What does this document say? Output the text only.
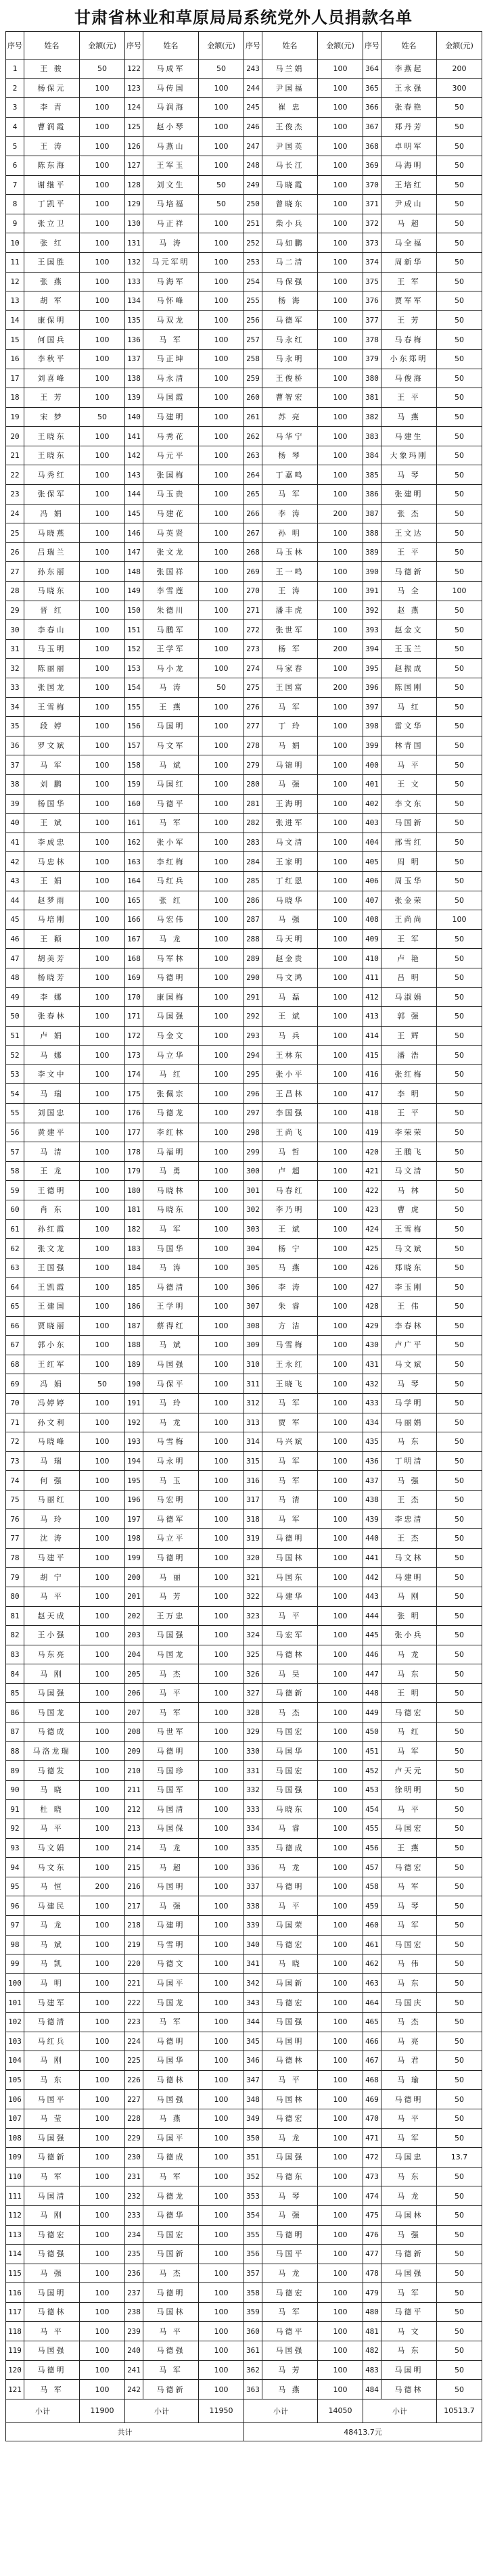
甘肃省林业和草原局局系统党外人员捐款名单
序号	姓名	金额(元)	序号	姓名	金额(元)	序号	姓名	金额(元)	序号	姓名	金额(元)
1	王 骏	50	122	马成军	50	243	马兰娟	100	364	李燕起	200
2	杨保元	100	123	马传国	100	244	尹国福	100	365	王永强	300
3	李 青	100	124	马润海	100	245	崔 忠	100	366	张春艳	50
4	曹润霞	100	125	赵小琴	100	246	王俊杰	100	367	郑丹芳	50
5	王 涛	100	126	马燕山	100	247	尹国英	100	368	卓明军	50
6	陈东海	100	127	王军玉	100	248	马长江	100	369	马海明	50
7	谢继平	100	128	刘文生	50	249	马晓霞	100	370	王培红	50
8	丁凯平	100	129	马培福	50	250	曾晓东	100	371	尹成山	50
9	张立卫	100	130	马正祥	100	251	柴小兵	100	372	马 超	50
10	张 红	100	131	马 涛	100	252	马如鹏	100	373	马全福	50
11	王国胜	100	132	马元军明	100	253	马二清	100	374	周新华	50
12	张 燕	100	133	马海军	100	254	马保强	100	375	王 军	50
13	胡 军	100	134	马怀峰	100	255	杨 海	100	376	贾军军	50
14	康保明	100	135	马双龙	100	256	马德军	100	377	王 芳	50
15	何国兵	100	136	马 军	100	257	马永红	100	378	马春梅	50
16	李秋平	100	137	马正坤	100	258	马永明	100	379	小东郑明	50
17	刘喜峰	100	138	马永清	100	259	王俊桥	100	380	马俊海	50
18	王 芳	100	139	马国霞	100	260	曹智宏	100	381	王 平	50
19	宋 梦	50	140	马建明	100	261	苏 亮	100	382	马 燕	50
20	王晓东	100	141	马秀花	100	262	马华宁	100	383	马建生	50
21	王晓东	100	142	马元平	100	263	杨 琴	100	384	大象玛刚	50
22	马秀红	100	143	张国梅	100	264	丁嘉鸣	100	385	马 琴	50
23	张保军	100	144	马玉贵	100	265	马 军	100	386	张建明	50
24	冯 娟	100	145	马建花	100	266	李 涛	200	387	张 杰	50
25	马晓燕	100	146	马英贤	100	267	孙 明	100	388	王文达	50
26	吕瑞兰	100	147	张文龙	100	268	马玉林	100	389	王 平	50
27	孙东丽	100	148	张国祥	100	269	王一鸣	100	390	马德新	50
28	马晓东	100	149	李雪莲	100	270	王 涛	100	391	马 全	100
29	晋 红	100	150	朱德川	100	271	潘丰虎	100	392	赵 燕	50
30	李春山	100	151	马鹏军	100	272	张世军	100	393	赵金文	50
31	马玉明	100	152	王学军	100	273	杨 军	200	394	王玉兰	50
32	陈丽丽	100	153	马小龙	100	274	马家春	100	395	赵振成	50
33	张国龙	100	154	马 涛	50	275	王国富	200	396	陈国刚	50
34	王雪梅	100	155	王 燕	100	276	马 军	100	397	马 红	50
35	段 婷	100	156	马国明	100	277	丁 玲	100	398	雷文华	50
36	罗文斌	100	157	马文军	100	278	马 娟	100	399	林青国	50
37	马 军	100	158	马 斌	100	279	马锦明	100	400	马 平	50
38	刘 鹏	100	159	马国红	100	280	马 强	100	401	王 文	50
39	杨国华	100	160	马德平	100	281	王海明	100	402	李文东	50
40	王 斌	100	161	马 军	100	282	张进军	100	403	马国新	50
41	李成忠	100	162	张小军	100	283	马文清	100	404	邢雪红	50
42	马忠林	100	163	李红梅	100	284	王家明	100	405	周 明	50
43	王 娟	100	164	马红兵	100	285	丁红恩	100	406	周玉华	50
44	赵梦雨	100	165	张 红	100	286	马晓华	100	407	张金荣	50
45	马培刚	100	166	马宏伟	100	287	马 强	100	408	王尚尚	100
46	王 颖	100	167	马 龙	100	288	马天明	100	409	王 军	50
47	胡美芳	100	168	马军林	100	289	赵金贵	100	410	卢 艳	50
48	杨晓芳	100	169	马德明	100	290	马文鸿	100	411	吕 明	50
49	李 娜	100	170	康国梅	100	291	马 磊	100	412	马淑娟	50
50	张春林	100	171	马国强	100	292	王 斌	100	413	郭 强	50
51	卢 娟	100	172	马金文	100	293	马 兵	100	414	王 辉	50
52	马 娜	100	173	马立华	100	294	王林东	100	415	潘 浩	50
53	李文中	100	174	马 红	100	295	张小平	100	416	张红梅	50
54	马 瑞	100	175	张佩宗	100	296	王昌林	100	417	李 明	50
55	刘国忠	100	176	马德龙	100	297	李国强	100	418	王 平	50
56	黄建平	100	177	李红林	100	298	王尚飞	100	419	李荣荣	50
57	马 清	100	178	马福明	100	299	马 哲	100	420	王鹏飞	50
58	王 龙	100	179	马 勇	100	300	卢 超	100	421	马文清	50
59	王德明	100	180	马晓林	100	301	马春红	100	422	马 林	50
60	肖 东	100	181	马晓东	100	302	李乃明	100	423	曹 虎	50
61	孙红霞	100	182	马 军	100	303	王 斌	100	424	王雪梅	50
62	张文龙	100	183	马国华	100	304	杨 宁	100	425	马文斌	50
63	王国强	100	184	马 涛	100	305	马 燕	100	426	郑晓东	50
64	王凯霞	100	185	马德清	100	306	李 涛	100	427	李玉刚	50
65	王建国	100	186	王学明	100	307	朱 睿	100	428	王 伟	50
66	贾晓丽	100	187	蔡得红	100	308	方 洁	100	429	李春林	50
67	郭小东	100	188	马 斌	100	309	马雪梅	100	430	卢广平	50
68	王红军	100	189	马国强	100	310	王永红	100	431	马文斌	50
69	冯 娟	50	190	马保平	100	311	王晓飞	100	432	马 琴	50
70	冯婷婷	100	191	马 玲	100	312	马 军	100	433	马学明	50
71	孙文利	100	192	马 龙	100	313	贾 军	100	434	马丽娟	50
72	马晓峰	100	193	马雪梅	100	314	马兴斌	100	435	马 东	50
73	马 瑞	100	194	马永明	100	315	马 军	100	436	丁明清	50
74	何 强	100	195	马 玉	100	316	马 军	100	437	马 强	50
75	马丽红	100	196	马宏明	100	317	马 清	100	438	王 杰	50
76	马 玲	100	197	马德军	100	318	马 军	100	439	李忠清	50
77	沈 涛	100	198	马立平	100	319	马德明	100	440	王 杰	50
78	马建平	100	199	马德明	100	320	马国林	100	441	马文林	50
79	胡 宁	100	200	马 丽	100	321	马国东	100	442	马建明	50
80	马 平	100	201	马 芳	100	322	马建华	100	443	马 刚	50
81	赵天成	100	202	王万忠	100	323	马 平	100	444	张 明	50
82	王小强	100	203	马国强	100	324	马宏军	100	445	张小兵	50
83	马东亮	100	204	马国龙	100	325	马德林	100	446	马 龙	50
84	马 刚	100	205	马 杰	100	326	马 昊	100	447	马 东	50
85	马国强	100	206	马 平	100	327	马德新	100	448	王 明	50
86	马国龙	100	207	马 军	100	328	马 杰	100	449	马德宏	50
87	马德成	100	208	马世军	100	329	马国宏	100	450	马 红	50
88	马洛龙瑞	100	209	马德明	100	330	马国华	100	451	马 军	50
89	马德发	100	210	马国珍	100	331	马国宏	100	452	卢天元	50
90	马 晓	100	211	马国军	100	332	马国强	100	453	徐明明	50
91	杜 晓	100	212	马国清	100	333	马晓东	100	454	马 平	50
92	马 平	100	213	马国保	100	334	马 睿	100	455	马国宏	50
93	马文娟	100	214	马 龙	100	335	马德成	100	456	王 燕	50
94	马文东	100	215	马 超	100	336	马 龙	100	457	马德宏	50
95	马 恒	200	216	马国明	100	337	马德明	100	458	马 军	50
96	马建民	100	217	马 强	100	338	马 平	100	459	马 琴	50
97	马 龙	100	218	马建明	100	339	马国荣	100	460	马 军	50
98	马 斌	100	219	马雪明	100	340	马德宏	100	461	马国宏	50
99	马 凯	100	220	马德文	100	341	马 晓	100	462	马 伟	50
100	马 明	100	221	马国平	100	342	马国新	100	463	马 东	50
101	马建军	100	222	马国龙	100	343	马德宏	100	464	马国庆	50
102	马德清	100	223	马 军	100	344	马国强	100	465	马 杰	50
103	马红兵	100	224	马德明	100	345	马国明	100	466	马 亮	50
104	马 刚	100	225	马国华	100	346	马德林	100	467	马 君	50
105	马 东	100	226	马德林	100	347	马 平	100	468	马 瑜	50
106	马国平	100	227	马国强	100	348	马国林	100	469	马德明	50
107	马 莹	100	228	马 燕	100	349	马德宏	100	470	马 平	50
108	马国强	100	229	马国平	100	350	马 龙	100	471	马 军	50
109	马德新	100	230	马德成	100	351	马国强	100	472	马国忠	13.7
110	马 军	100	231	马 军	100	352	马德东	100	473	马 东	50
111	马国清	100	232	马德龙	100	353	马 琴	100	474	马 龙	50
112	马 刚	100	233	马德华	100	354	马 强	100	475	马国林	50
113	马德宏	100	234	马国宏	100	355	马德明	100	476	马 强	50
114	马德强	100	235	马国新	100	356	马国平	100	477	马德新	50
115	马 强	100	236	马 杰	100	357	马 龙	100	478	马国强	50
116	马国明	100	237	马德明	100	358	马德宏	100	479	马 军	50
117	马德林	100	238	马国林	100	359	马 军	100	480	马德平	50
118	马 平	100	239	马 平	100	360	马德平	100	481	马 文	50
119	马国强	100	240	马德强	100	361	马国强	100	482	马 东	50
120	马德明	100	241	马 军	100	362	马 芳	100	483	马国明	50
121	马 军	100	242	马德新	100	363	马 燕	100	484	马德林	50
小计		11900	小计		11950	小计		14050	小计		10513.7
共计						48413.7元					
